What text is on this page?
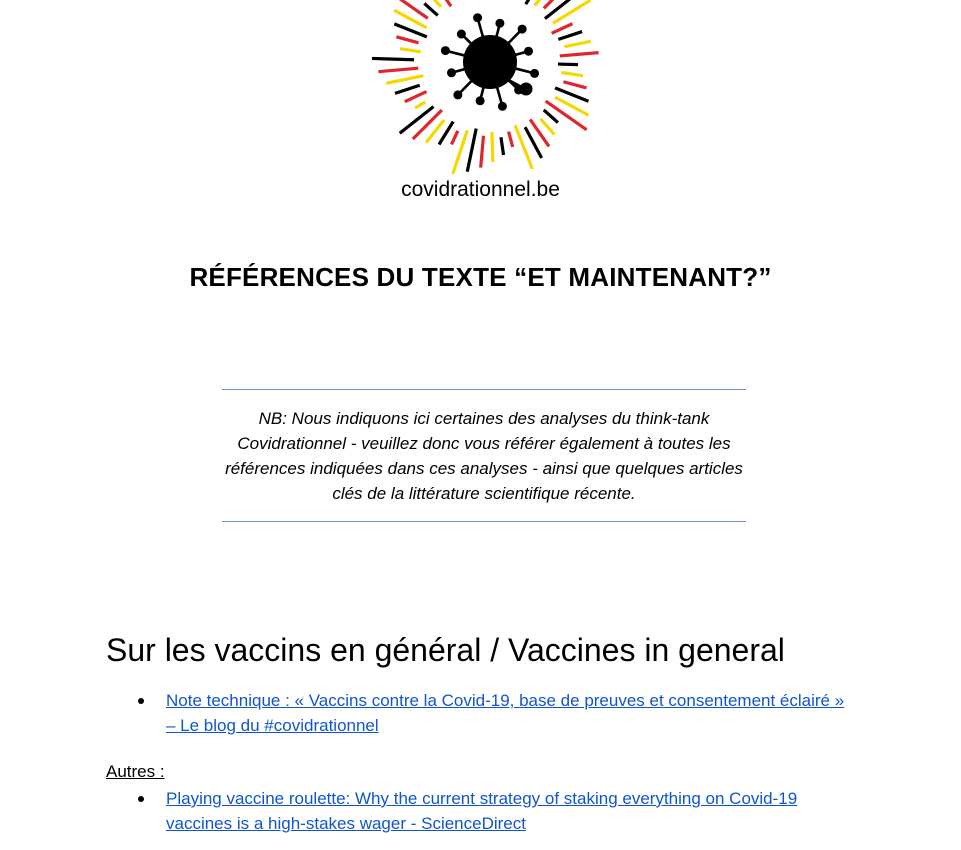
covidrationnel.be
RÉFÉRENCES DU TEXTE “ET MAINTENANT?”

NB: Nous indiquons ici certaines des analyses du think-tank Covidrationnel - veuillez donc vous référer également à toutes les références indiquées dans ces analyses - ainsi que quelques articles clés de la littérature scientifique récente.

Sur les vaccins en général / Vaccines in general
Note technique : « Vaccins contre la Covid-19, base de preuves et consentement éclairé » – Le blog du #covidrationnel

Autres :

Playing vaccine roulette: Why the current strategy of staking everything on Covid-19 vaccines is a high-stakes wager - ScienceDirect
